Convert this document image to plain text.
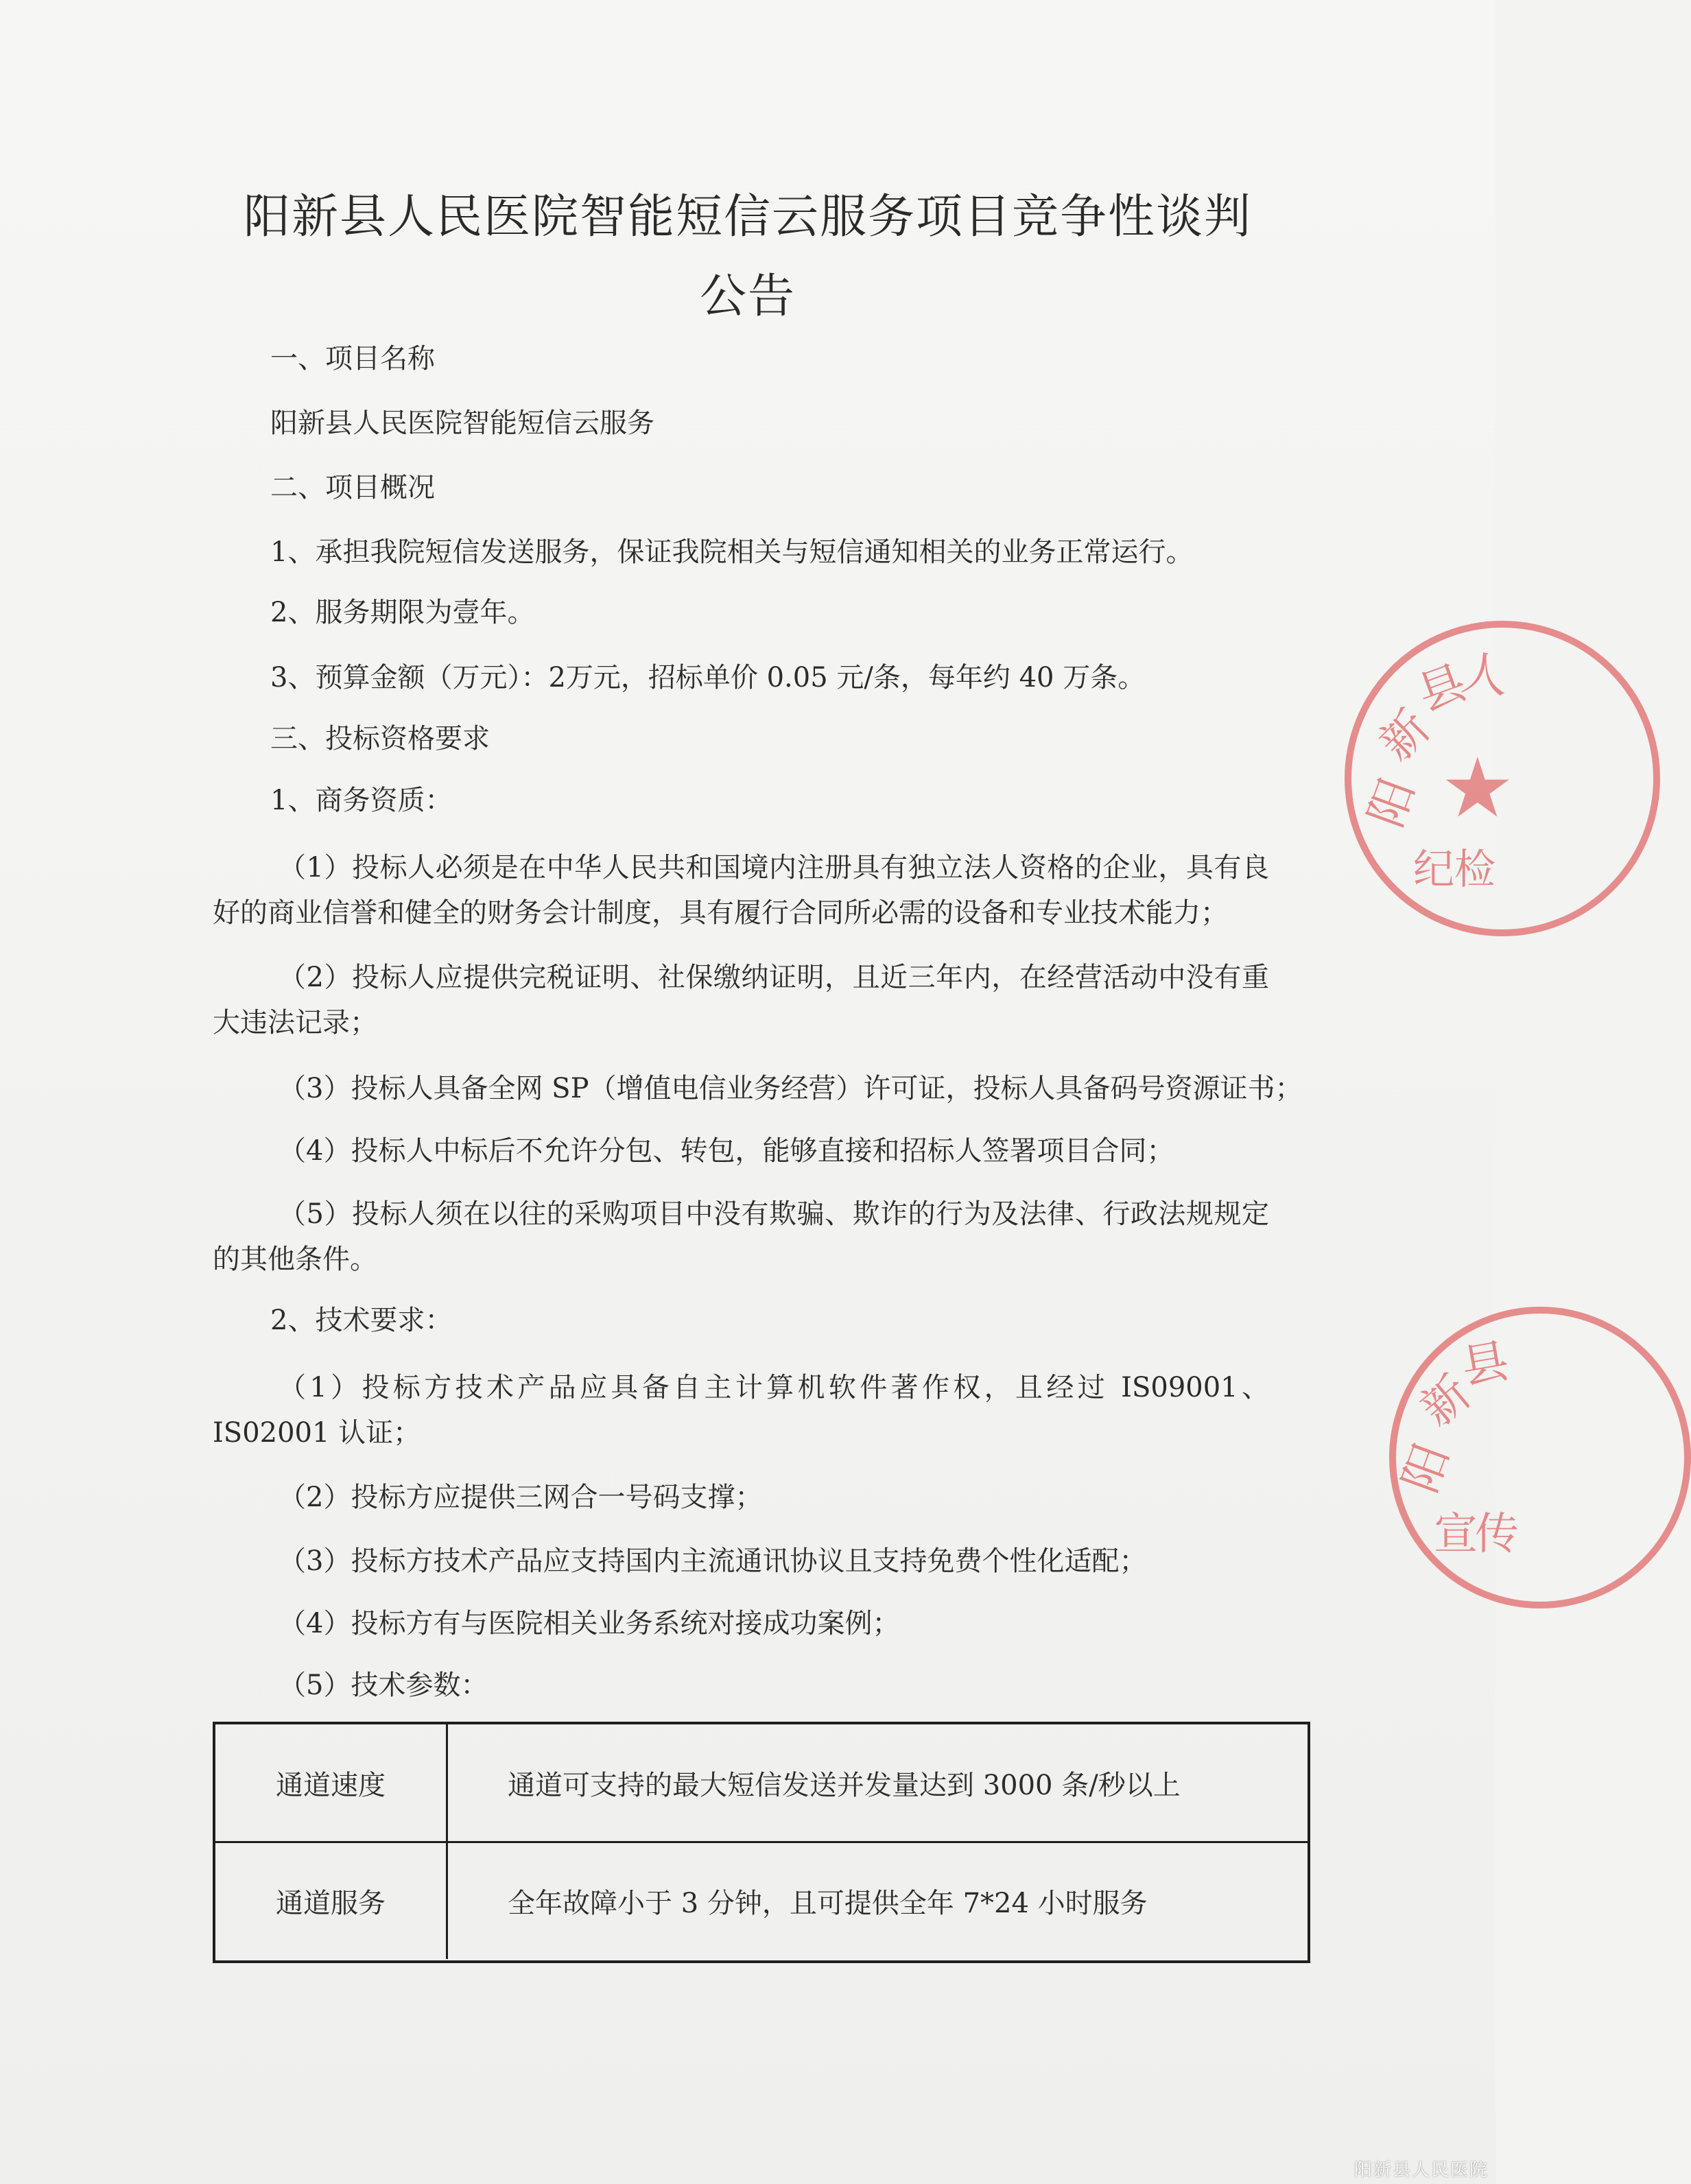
阳新县人民医院智能短信云服务项目竞争性谈判
公告
一、项目名称
阳新县人民医院智能短信云服务
二、项目概况
1、承担我院短信发送服务，保证我院相关与短信通知相关的业务正常运行。
2、服务期限为壹年。
3、预算金额（万元）：2万元，招标单价 0.05 元/条，每年约 40 万条。
三、投标资格要求
1、商务资质：
（1）投标人必须是在中华人民共和国境内注册具有独立法人资格的企业，具有良好的商业信誉和健全的财务会计制度，具有履行合同所必需的设备和专业技术能力；
（2）投标人应提供完税证明、社保缴纳证明，且近三年内，在经营活动中没有重大违法记录；
（3）投标人具备全网 SP（增值电信业务经营）许可证，投标人具备码号资源证书；
（4）投标人中标后不允许分包、转包，能够直接和招标人签署项目合同；
（5）投标人须在以往的采购项目中没有欺骗、欺诈的行为及法律、行政法规规定的其他条件。
2、技术要求：
（1）投标方技术产品应具备自主计算机软件著作权，且经过 IS09001、IS02001 认证；
（2）投标方应提供三网合一号码支撑；
（3）投标方技术产品应支持国内主流通讯协议且支持免费个性化适配；
（4）投标方有与医院相关业务系统对接成功案例；
（5）技术参数：
通道速度	通道可支持的最大短信发送并发量达到 3000 条/秒以上
通道服务	全年故障小于 3 分钟，且可提供全年 7*24 小时服务
阳
新
县
人
★
纪 检
阳
新
县
宣
传
阳新县人民医院
